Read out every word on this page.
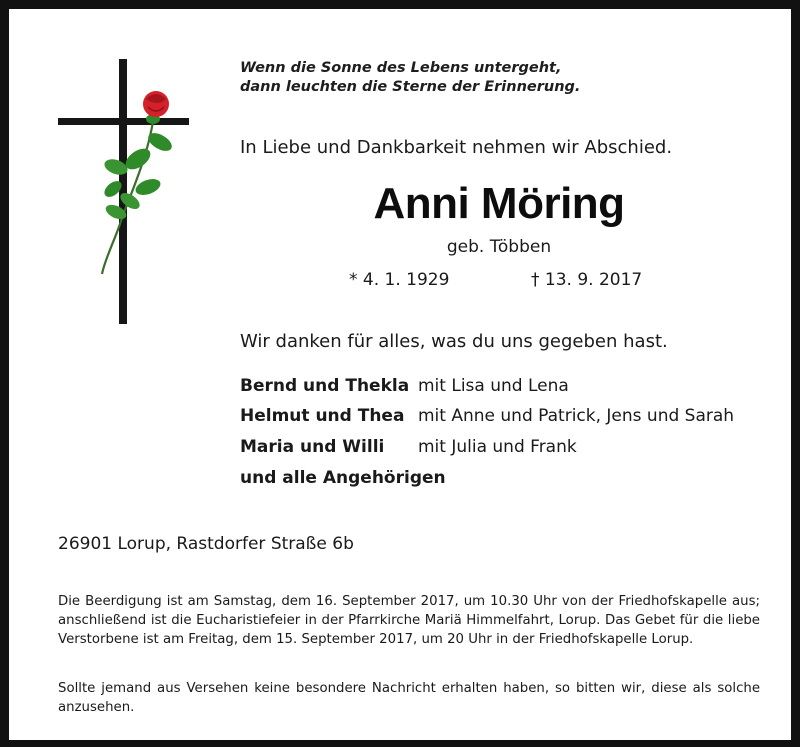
Wenn die Sonne des Lebens untergeht,
dann leuchten die Sterne der Erinnerung.
In Liebe und Dankbarkeit nehmen wir Abschied.
Anni Möring
geb. Többen
* 4. 1. 1929	† 13. 9. 2017
Wir danken für alles, was du uns gegeben hast.
Bernd und Thekla mit Lisa und Lena
Helmut und Thea mit Anne und Patrick, Jens und Sarah
Maria und Willi mit Julia und Frank
und alle Angehörigen
26901 Lorup, Rastdorfer Straße 6b
Die Beerdigung ist am Samstag, dem 16. September 2017, um 10.30 Uhr von der Friedhofskapelle aus; anschließend ist die Eucharistiefeier in der Pfarrkirche Mariä Himmelfahrt, Lorup. Das Gebet für die liebe Verstorbene ist am Freitag, dem 15. September 2017, um 20 Uhr in der Friedhofskapelle Lorup.
Sollte jemand aus Versehen keine besondere Nachricht erhalten haben, so bitten wir, diese als solche anzusehen.
